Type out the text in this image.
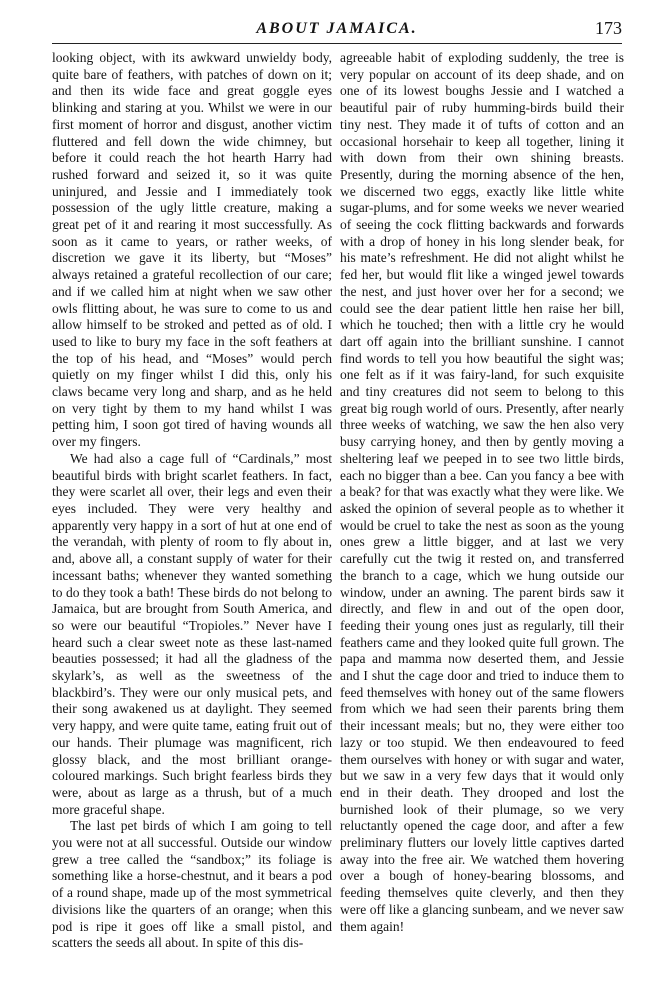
ABOUT JAMAICA.	173

looking object, with its awkward unwieldy body, quite bare of feathers, with patches of down on it; and then its wide face and great goggle eyes blinking and staring at you. Whilst we were in our first moment of horror and disgust, another victim fluttered and fell down the wide chimney, but before it could reach the hot hearth Harry had rushed forward and seized it, so it was quite uninjured, and Jessie and I immediately took possession of the ugly little creature, making a great pet of it and rearing it most successfully. As soon as it came to years, or rather weeks, of discretion we gave it its liberty, but “Moses” always retained a grateful recollection of our care; and if we called him at night when we saw other owls flitting about, he was sure to come to us and allow himself to be stroked and petted as of old. I used to like to bury my face in the soft feathers at the top of his head, and “Moses” would perch quietly on my finger whilst I did this, only his claws became very long and sharp, and as he held on very tight by them to my hand whilst I was petting him, I soon got tired of having wounds all over my fingers.

We had also a cage full of “Cardinals,” most beautiful birds with bright scarlet feathers. In fact, they were scarlet all over, their legs and even their eyes included. They were very healthy and apparently very happy in a sort of hut at one end of the verandah, with plenty of room to fly about in, and, above all, a constant supply of water for their incessant baths; whenever they wanted something to do they took a bath! These birds do not belong to Jamaica, but are brought from South America, and so were our beautiful “Tropioles.” Never have I heard such a clear sweet note as these last-named beauties possessed; it had all the gladness of the skylark’s, as well as the sweetness of the blackbird’s. They were our only musical pets, and their song awakened us at daylight. They seemed very happy, and were quite tame, eating fruit out of our hands. Their plumage was magnificent, rich glossy black, and the most brilliant orange-coloured markings. Such bright fearless birds they were, about as large as a thrush, but of a much more graceful shape.

The last pet birds of which I am going to tell you were not at all successful. Outside our window grew a tree called the “sandbox;” its foliage is something like a horse-chestnut, and it bears a pod of a round shape, made up of the most symmetrical divisions like the quarters of an orange; when this pod is ripe it goes off like a small pistol, and scatters the seeds all about. In spite of this dis-

agreeable habit of exploding suddenly, the tree is very popular on account of its deep shade, and on one of its lowest boughs Jessie and I watched a beautiful pair of ruby humming-birds build their tiny nest. They made it of tufts of cotton and an occasional horsehair to keep all together, lining it with down from their own shining breasts. Presently, during the morning absence of the hen, we discerned two eggs, exactly like little white sugar-plums, and for some weeks we never wearied of seeing the cock flitting backwards and forwards with a drop of honey in his long slender beak, for his mate’s refreshment. He did not alight whilst he fed her, but would flit like a winged jewel towards the nest, and just hover over her for a second; we could see the dear patient little hen raise her bill, which he touched; then with a little cry he would dart off again into the brilliant sunshine. I cannot find words to tell you how beautiful the sight was; one felt as if it was fairy-land, for such exquisite and tiny creatures did not seem to belong to this great big rough world of ours. Presently, after nearly three weeks of watching, we saw the hen also very busy carrying honey, and then by gently moving a sheltering leaf we peeped in to see two little birds, each no bigger than a bee. Can you fancy a bee with a beak? for that was exactly what they were like. We asked the opinion of several people as to whether it would be cruel to take the nest as soon as the young ones grew a little bigger, and at last we very carefully cut the twig it rested on, and transferred the branch to a cage, which we hung outside our window, under an awning. The parent birds saw it directly, and flew in and out of the open door, feeding their young ones just as regularly, till their feathers came and they looked quite full grown. The papa and mamma now deserted them, and Jessie and I shut the cage door and tried to induce them to feed themselves with honey out of the same flowers from which we had seen their parents bring them their incessant meals; but no, they were either too lazy or too stupid. We then endeavoured to feed them ourselves with honey or with sugar and water, but we saw in a very few days that it would only end in their death. They drooped and lost the burnished look of their plumage, so we very reluctantly opened the cage door, and after a few preliminary flutters our lovely little captives darted away into the free air. We watched them hovering over a bough of honey-bearing blossoms, and feeding themselves quite cleverly, and then they were off like a glancing sunbeam, and we never saw them again!
